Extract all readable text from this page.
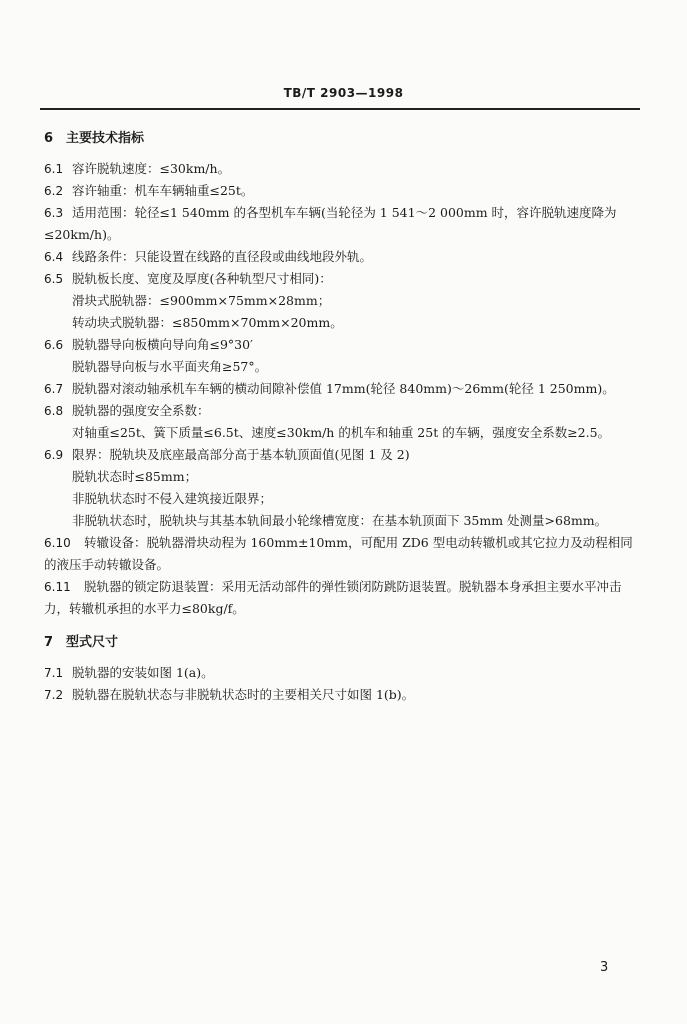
TB/T 2903—1998
6 主要技术指标

6.1 容许脱轨速度：≤30km/h。

6.2 容许轴重：机车车辆轴重≤25t。

6.3 适用范围：轮径≤1 540mm 的各型机车车辆(当轮径为 1 541～2 000mm 时，容许脱轨速度降为≤20km/h)。

6.4 线路条件：只能设置在线路的直径段或曲线地段外轨。

6.5 脱轨板长度、宽度及厚度(各种轨型尺寸相同)：

滑块式脱轨器：≤900mm×75mm×28mm；

转动块式脱轨器：≤850mm×70mm×20mm。

6.6 脱轨器导向板横向导向角≤9°30′

脱轨器导向板与水平面夹角≥57°。

6.7 脱轨器对滚动轴承机车车辆的横动间隙补偿值 17mm(轮径 840mm)～26mm(轮径 1 250mm)。

6.8 脱轨器的强度安全系数：

对轴重≤25t、簧下质量≤6.5t、速度≤30km/h 的机车和轴重 25t 的车辆，强度安全系数≥2.5。

6.9 限界：脱轨块及底座最高部分高于基本轨顶面值(见图 1 及 2)

脱轨状态时≤85mm；

非脱轨状态时不侵入建筑接近限界；

非脱轨状态时，脱轨块与其基本轨间最小轮缘槽宽度：在基本轨顶面下 35mm 处测量>68mm。

6.10 转辙设备：脱轨器滑块动程为 160mm±10mm，可配用 ZD6 型电动转辙机或其它拉力及动程相同的液压手动转辙设备。

6.11 脱轨器的锁定防退装置：采用无活动部件的弹性锁闭防跳防退装置。脱轨器本身承担主要水平冲击力，转辙机承担的水平力≤80kg/f。

7 型式尺寸

7.1 脱轨器的安装如图 1(a)。

7.2 脱轨器在脱轨状态与非脱轨状态时的主要相关尺寸如图 1(b)。

3
